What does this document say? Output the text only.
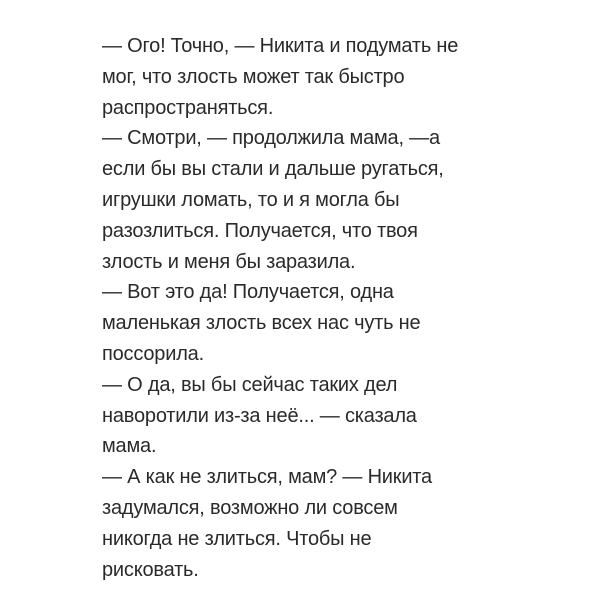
— Ого! Точно, — Никита и подумать не
мог, что злость может так быстро
распространяться.
— Смотри, — продолжила мама, —а
если бы вы стали и дальше ругаться,
игрушки ломать, то и я могла бы
разозлиться. Получается, что твоя
злость и меня бы заразила.
— Вот это да! Получается, одна
маленькая злость всех нас чуть не
поссорила.
— О да, вы бы сейчас таких дел
наворотили из-за неё... — сказала
мама.
— А как не злиться, мам? — Никита
задумался, возможно ли совсем
никогда не злиться. Чтобы не
рисковать.
